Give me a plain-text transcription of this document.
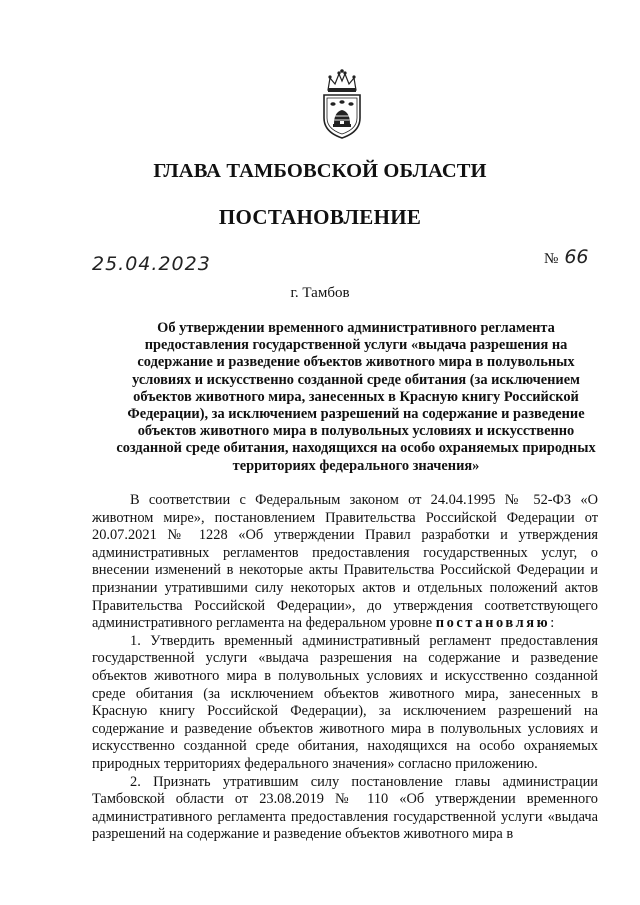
ГЛАВА ТАМБОВСКОЙ ОБЛАСТИ
ПОСТАНОВЛЕНИЕ
25.04.2023	№ 66
г. Тамбов
Об утверждении временного административного регламента предоставления государственной услуги «выдача разрешения на содержание и разведение объектов животного мира в полувольных условиях и искусственно созданной среде обитания (за исключением объектов животного мира, занесенных в Красную книгу Российской Федерации), за исключением разрешений на содержание и разведение объектов животного мира в полувольных условиях и искусственно созданной среде обитания, находящихся на особо охраняемых природных территориях федерального значения»

В соответствии с Федеральным законом от 24.04.1995 № 52-ФЗ «О животном мире», постановлением Правительства Российской Федерации от 20.07.2021 № 1228 «Об утверждении Правил разработки и утверждения административных регламентов предоставления государственных услуг, о внесении изменений в некоторые акты Правительства Российской Федерации и признании утратившими силу некоторых актов и отдельных положений актов Правительства Российской Федерации», до утверждения соответствующего административного регламента на федеральном уровне постановляю:

1. Утвердить временный административный регламент предоставления государственной услуги «выдача разрешения на содержание и разведение объектов животного мира в полувольных условиях и искусственно созданной среде обитания (за исключением объектов животного мира, занесенных в Красную книгу Российской Федерации), за исключением разрешений на содержание и разведение объектов животного мира в полувольных условиях и искусственно созданной среде обитания, находящихся на особо охраняемых природных территориях федерального значения» согласно приложению.

2. Признать утратившим силу постановление главы администрации Тамбовской области от 23.08.2019 № 110 «Об утверждении временного административного регламента предоставления государственной услуги «выдача разрешений на содержание и разведение объектов животного мира в
